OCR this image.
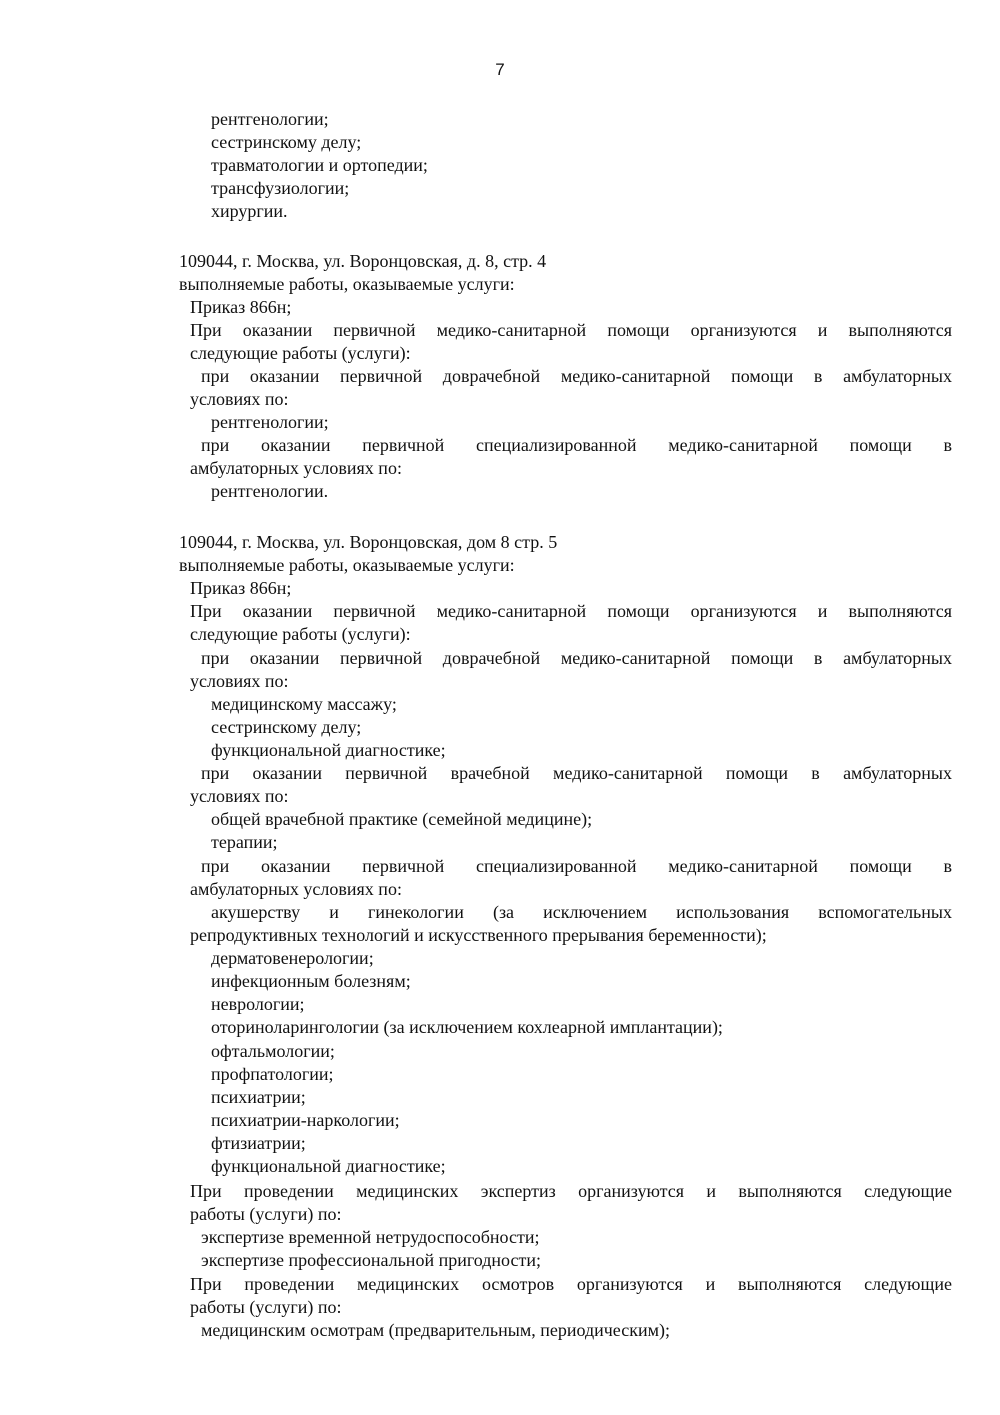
7
рентгенологии;
сестринскому делу;
травматологии и ортопедии;
трансфузиологии;
хирургии.
109044, г. Москва, ул. Воронцовская, д. 8, стр. 4
выполняемые работы, оказываемые услуги:
Приказ 866н;
При оказании первичной медико-санитарной помощи организуются и выполняются
следующие работы (услуги):
при оказании первичной доврачебной медико-санитарной помощи в амбулаторных
условиях по:
рентгенологии;
при оказании первичной специализированной медико-санитарной помощи в
амбулаторных условиях по:
рентгенологии.
109044, г. Москва, ул. Воронцовская, дом 8 стр. 5
выполняемые работы, оказываемые услуги:
Приказ 866н;
При оказании первичной медико-санитарной помощи организуются и выполняются
следующие работы (услуги):
при оказании первичной доврачебной медико-санитарной помощи в амбулаторных
условиях по:
медицинскому массажу;
сестринскому делу;
функциональной диагностике;
при оказании первичной врачебной медико-санитарной помощи в амбулаторных
условиях по:
общей врачебной практике (семейной медицине);
терапии;
при оказании первичной специализированной медико-санитарной помощи в
амбулаторных условиях по:
акушерству и гинекологии (за исключением использования вспомогательных
репродуктивных технологий и искусственного прерывания беременности);
дерматовенерологии;
инфекционным болезням;
неврологии;
оториноларингологии (за исключением кохлеарной имплантации);
офтальмологии;
профпатологии;
психиатрии;
психиатрии-наркологии;
фтизиатрии;
функциональной диагностике;
При проведении медицинских экспертиз организуются и выполняются следующие
работы (услуги) по:
экспертизе временной нетрудоспособности;
экспертизе профессиональной пригодности;
При проведении медицинских осмотров организуются и выполняются следующие
работы (услуги) по:
медицинским осмотрам (предварительным, периодическим);
